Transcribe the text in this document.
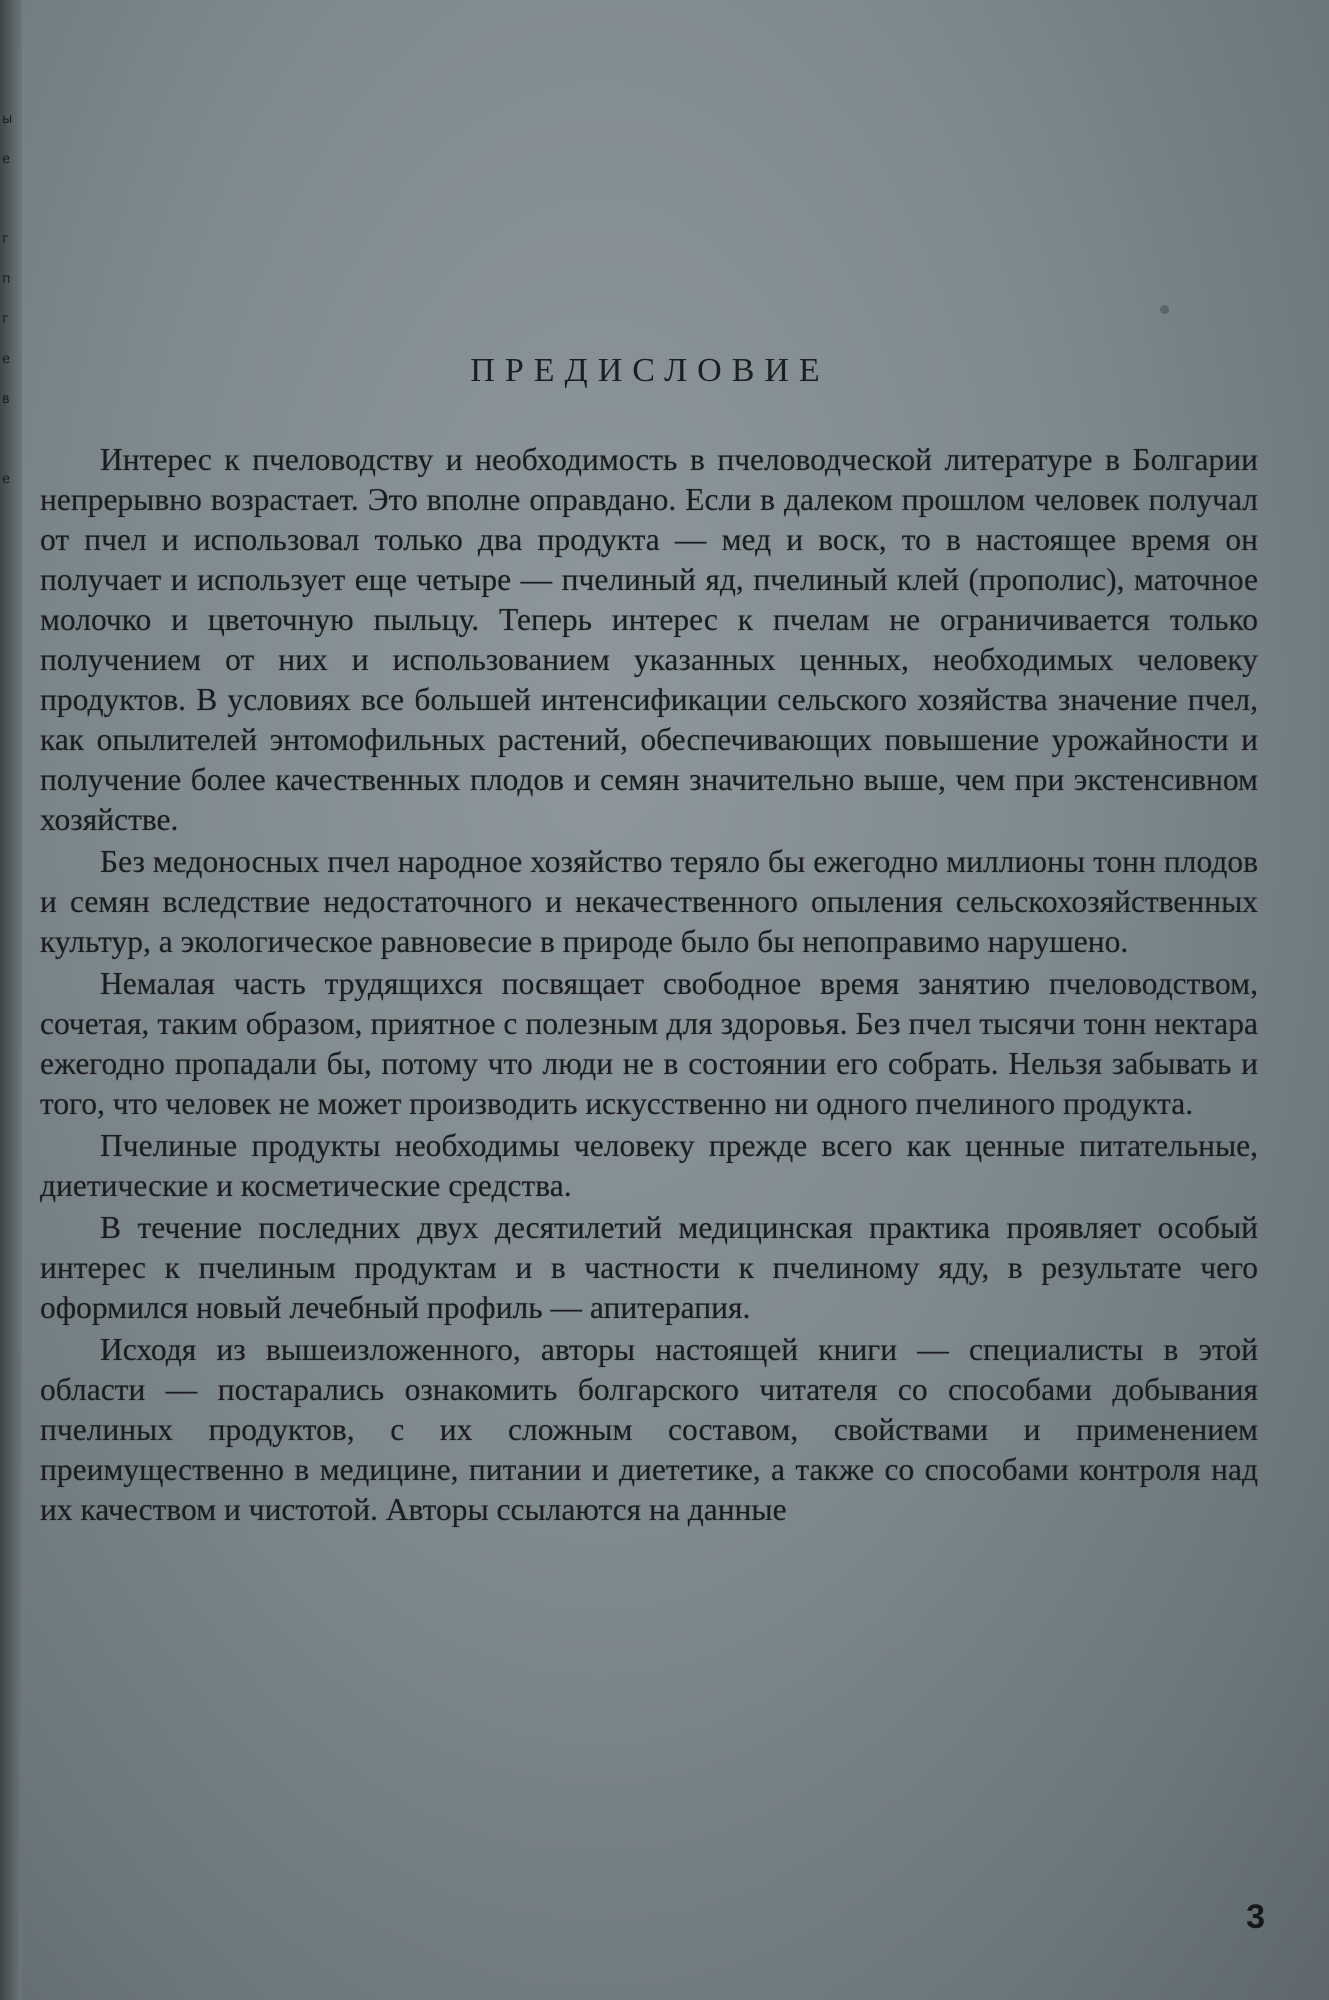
ы
е

г
п
г
е
в

е
ПРЕДИСЛОВИЕ

Интерес к пчеловодству и необходимость в пчеловодческой литературе в Болгарии непрерывно возрастает. Это вполне оправдано. Если в далеком прошлом человек получал от пчел и использовал только два продукта — мед и воск, то в настоящее время он получает и использует еще четыре — пчелиный яд, пчелиный клей (прополис), маточное молочко и цветочную пыльцу. Теперь интерес к пчелам не ограничивается только получением от них и использованием указанных ценных, необходимых человеку продуктов. В условиях все большей интенсификации сельского хозяйства значение пчел, как опылителей энтомофильных растений, обеспечивающих повышение урожайности и получение более качественных плодов и семян значительно выше, чем при экстенсивном хозяйстве.

Без медоносных пчел народное хозяйство теряло бы ежегодно миллионы тонн плодов и семян вследствие недостаточного и некачественного опыления сельскохозяйственных культур, а экологическое равновесие в природе было бы непоправимо нарушено.

Немалая часть трудящихся посвящает свободное время занятию пчеловодством, сочетая, таким образом, приятное с полезным для здоровья. Без пчел тысячи тонн нектара ежегодно пропадали бы, потому что люди не в состоянии его собрать. Нельзя забывать и того, что человек не может производить искусственно ни одного пчелиного продукта.

Пчелиные продукты необходимы человеку прежде всего как ценные питательные, диетические и косметические средства.

В течение последних двух десятилетий медицинская практика проявляет особый интерес к пчелиным продуктам и в частности к пчелиному яду, в результате чего оформился новый лечебный профиль — апитерапия.

Исходя из вышеизложенного, авторы настоящей книги — специалисты в этой области — постарались ознакомить болгарского читателя со способами добывания пчелиных продуктов, с их сложным составом, свойствами и применением преимущественно в медицине, питании и диететике, а также со способами контроля над их качеством и чистотой. Авторы ссылаются на данные

3
